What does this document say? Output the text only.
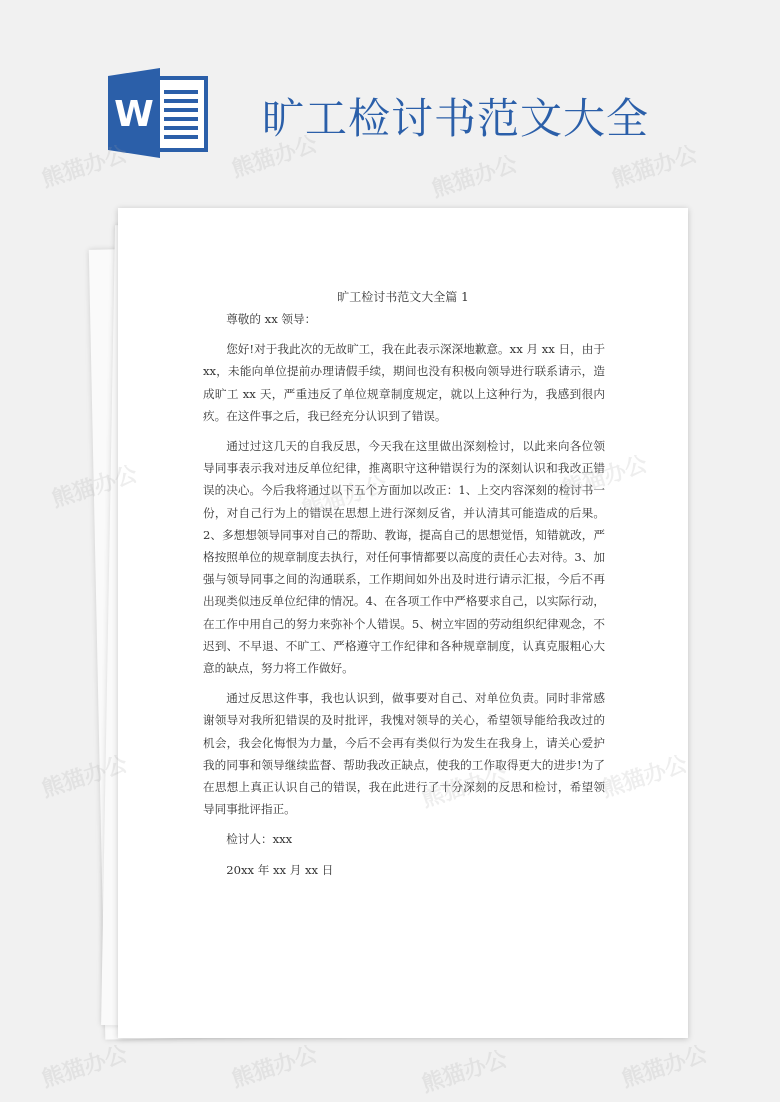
W	旷工检讨书范文大全
旷工检讨书范文大全篇 1

尊敬的 xx 领导：

您好!对于我此次的无故旷工，我在此表示深深地歉意。xx 月 xx 日，由于 xx，未能向单位提前办理请假手续，期间也没有积极向领导进行联系请示，造成旷工 xx 天，严重违反了单位规章制度规定，就以上这种行为，我感到很内疚。在这件事之后，我已经充分认识到了错误。

通过过这几天的自我反思，今天我在这里做出深刻检讨，以此来向各位领导同事表示我对违反单位纪律，推离职守这种错误行为的深刻认识和我改正错误的决心。今后我将通过以下五个方面加以改正：1、上交内容深刻的检讨书一份，对自己行为上的错误在思想上进行深刻反省，并认清其可能造成的后果。2、多想想领导同事对自己的帮助、教诲，提高自己的思想觉悟，知错就改，严格按照单位的规章制度去执行，对任何事情都要以高度的责任心去对待。3、加强与领导同事之间的沟通联系，工作期间如外出及时进行请示汇报，今后不再出现类似违反单位纪律的情况。4、在各项工作中严格要求自己，以实际行动，在工作中用自己的努力来弥补个人错误。5、树立牢固的劳动组织纪律观念，不迟到、不早退、不旷工、严格遵守工作纪律和各种规章制度，认真克服粗心大意的缺点，努力将工作做好。

通过反思这件事，我也认识到，做事要对自己、对单位负责。同时非常感谢领导对我所犯错误的及时批评，我愧对领导的关心，希望领导能给我改过的机会，我会化悔恨为力量，今后不会再有类似行为发生在我身上，请关心爱护我的同事和领导继续监督、帮助我改正缺点，使我的工作取得更大的进步!为了在思想上真正认识自己的错误，我在此进行了十分深刻的反思和检讨，希望领导同事批评指正。

检讨人：xxx

20xx 年 xx 月 xx 日

熊猫办公	熊猫办公	熊猫办公	熊猫办公
熊猫办公
熊猫办公	熊猫办公	熊猫办公	熊猫办公
